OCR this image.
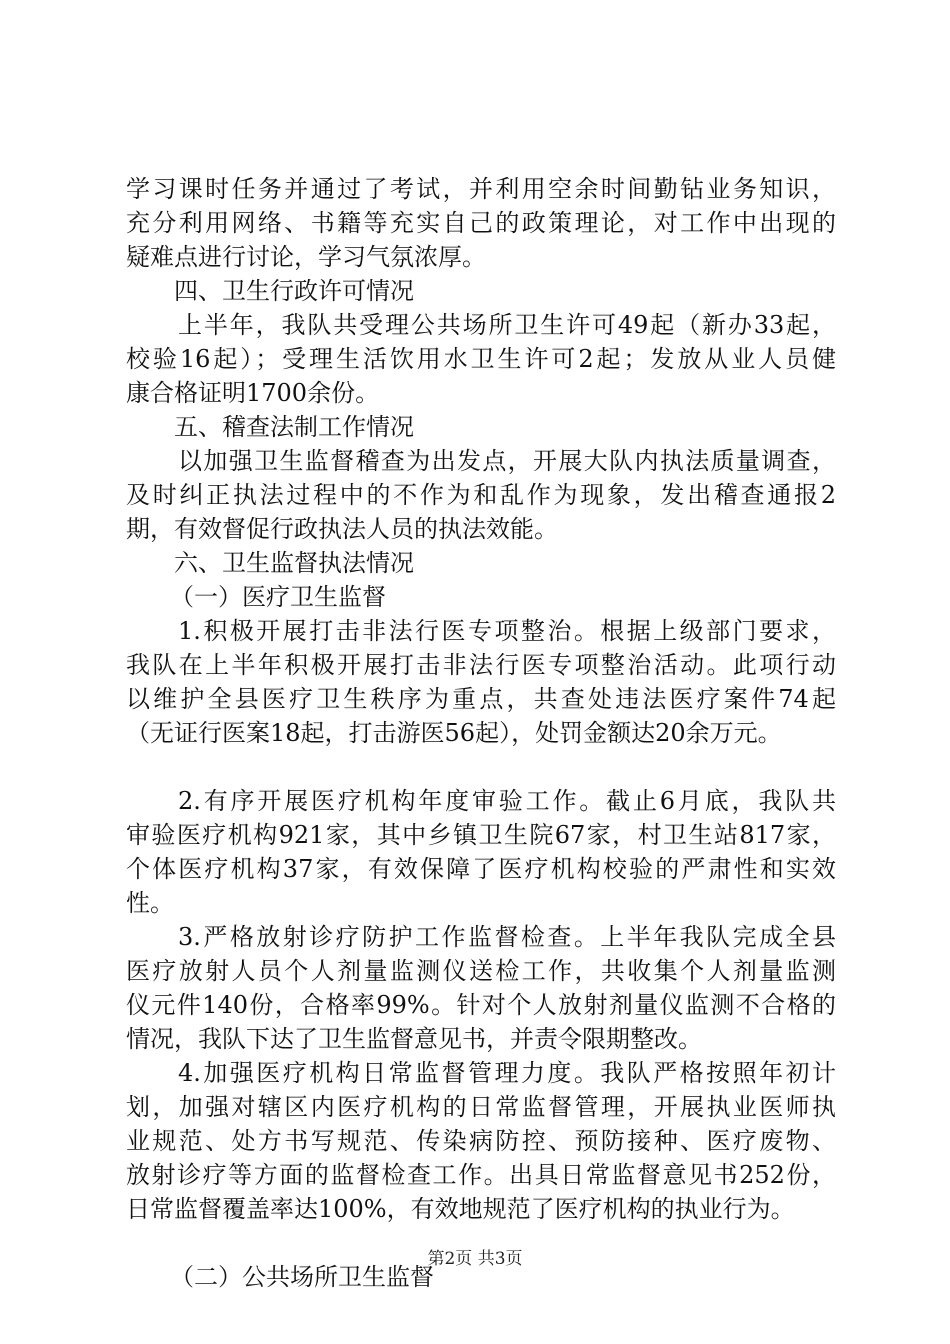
学习课时任务并通过了考试，并利用空余时间勤钻业务知识，
充分利用网络、书籍等充实自己的政策理论，对工作中出现的
疑难点进行讨论，学习气氛浓厚。
四、卫生行政许可情况
上半年，我队共受理公共场所卫生许可49起（新办33起，
校验16起）；受理生活饮用水卫生许可2起；发放从业人员健
康合格证明1700余份。
五、稽查法制工作情况
以加强卫生监督稽查为出发点，开展大队内执法质量调查，
及时纠正执法过程中的不作为和乱作为现象，发出稽查通报2
期，有效督促行政执法人员的执法效能。
六、卫生监督执法情况
（一）医疗卫生监督
1.积极开展打击非法行医专项整治。根据上级部门要求，
我队在上半年积极开展打击非法行医专项整治活动。此项行动
以维护全县医疗卫生秩序为重点，共查处违法医疗案件74起
（无证行医案18起，打击游医56起），处罚金额达20余万元。
2.有序开展医疗机构年度审验工作。截止6月底，我队共
审验医疗机构921家，其中乡镇卫生院67家，村卫生站817家，
个体医疗机构37家，有效保障了医疗机构校验的严肃性和实效
性。
3.严格放射诊疗防护工作监督检查。上半年我队完成全县
医疗放射人员个人剂量监测仪送检工作，共收集个人剂量监测
仪元件140份，合格率99%。针对个人放射剂量仪监测不合格的
情况，我队下达了卫生监督意见书，并责令限期整改。
4.加强医疗机构日常监督管理力度。我队严格按照年初计
划，加强对辖区内医疗机构的日常监督管理，开展执业医师执
业规范、处方书写规范、传染病防控、预防接种、医疗废物、
放射诊疗等方面的监督检查工作。出具日常监督意见书252份，
日常监督覆盖率达100%，有效地规范了医疗机构的执业行为。
（二）公共场所卫生监督
第2页 共3页
